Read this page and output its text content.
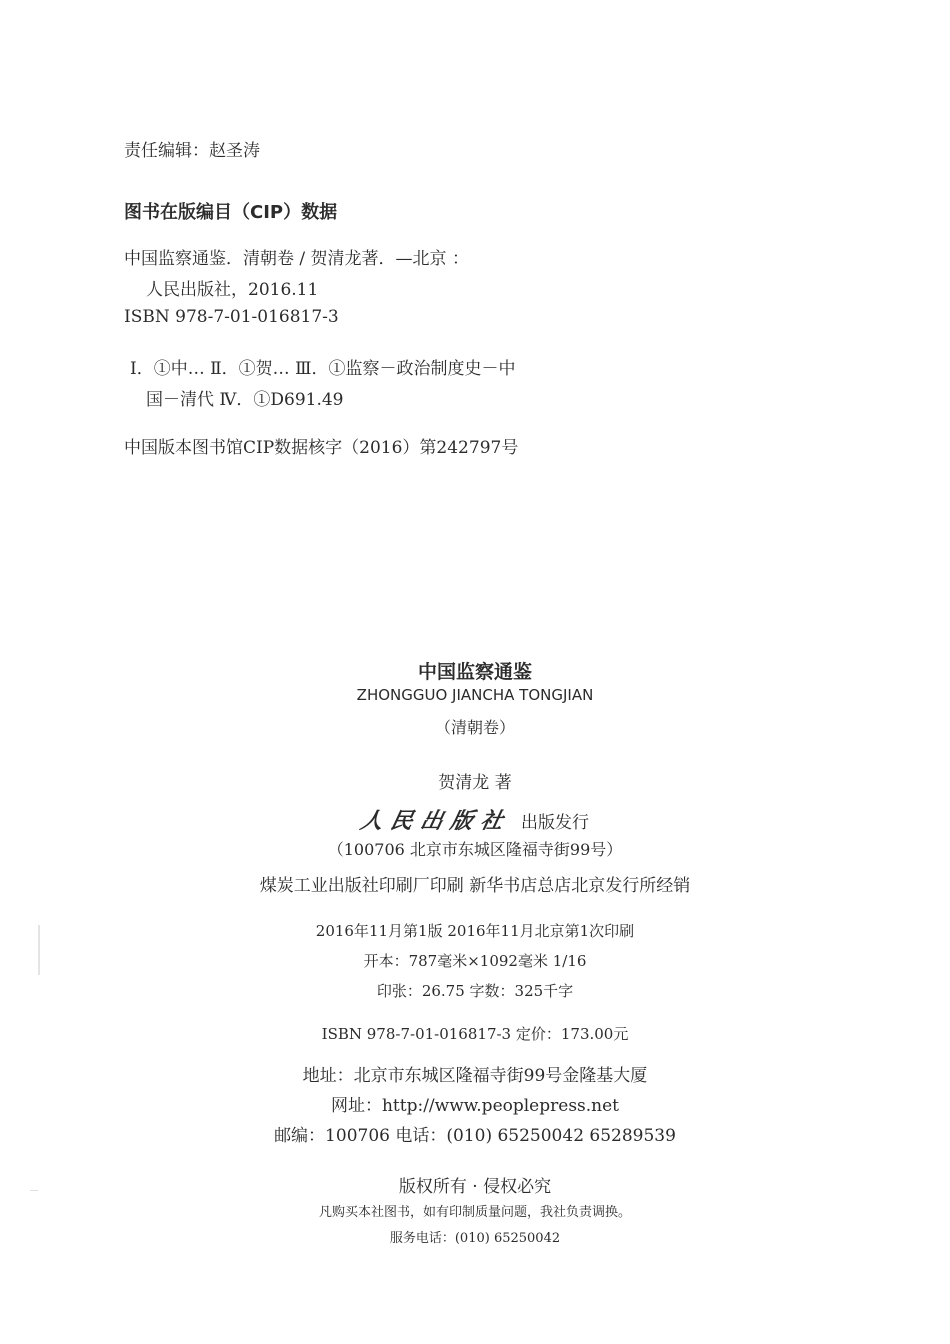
责任编辑：赵圣涛
图书在版编目（CIP）数据
中国监察通鉴．清朝卷 / 贺清龙著．—北京 ：
人民出版社，2016.11
ISBN 978-7-01-016817-3
Ⅰ．①中… Ⅱ．①贺… Ⅲ．①监察－政治制度史－中
国－清代 Ⅳ．①D691.49
中国版本图书馆CIP数据核字（2016）第242797号
中国监察通鉴
ZHONGGUO JIANCHA TONGJIAN
（清朝卷）
贺清龙 著
人民出版社 出版发行
（100706 北京市东城区隆福寺街99号）
煤炭工业出版社印刷厂印刷 新华书店总店北京发行所经销
2016年11月第1版 2016年11月北京第1次印刷
开本：787毫米×1092毫米 1/16
印张：26.75 字数：325千字
ISBN 978-7-01-016817-3 定价：173.00元
地址：北京市东城区隆福寺街99号金隆基大厦
网址：http://www.peoplepress.net
邮编：100706 电话：(010) 65250042 65289539
版权所有 · 侵权必究
凡购买本社图书，如有印制质量问题，我社负责调换。
服务电话：(010) 65250042
